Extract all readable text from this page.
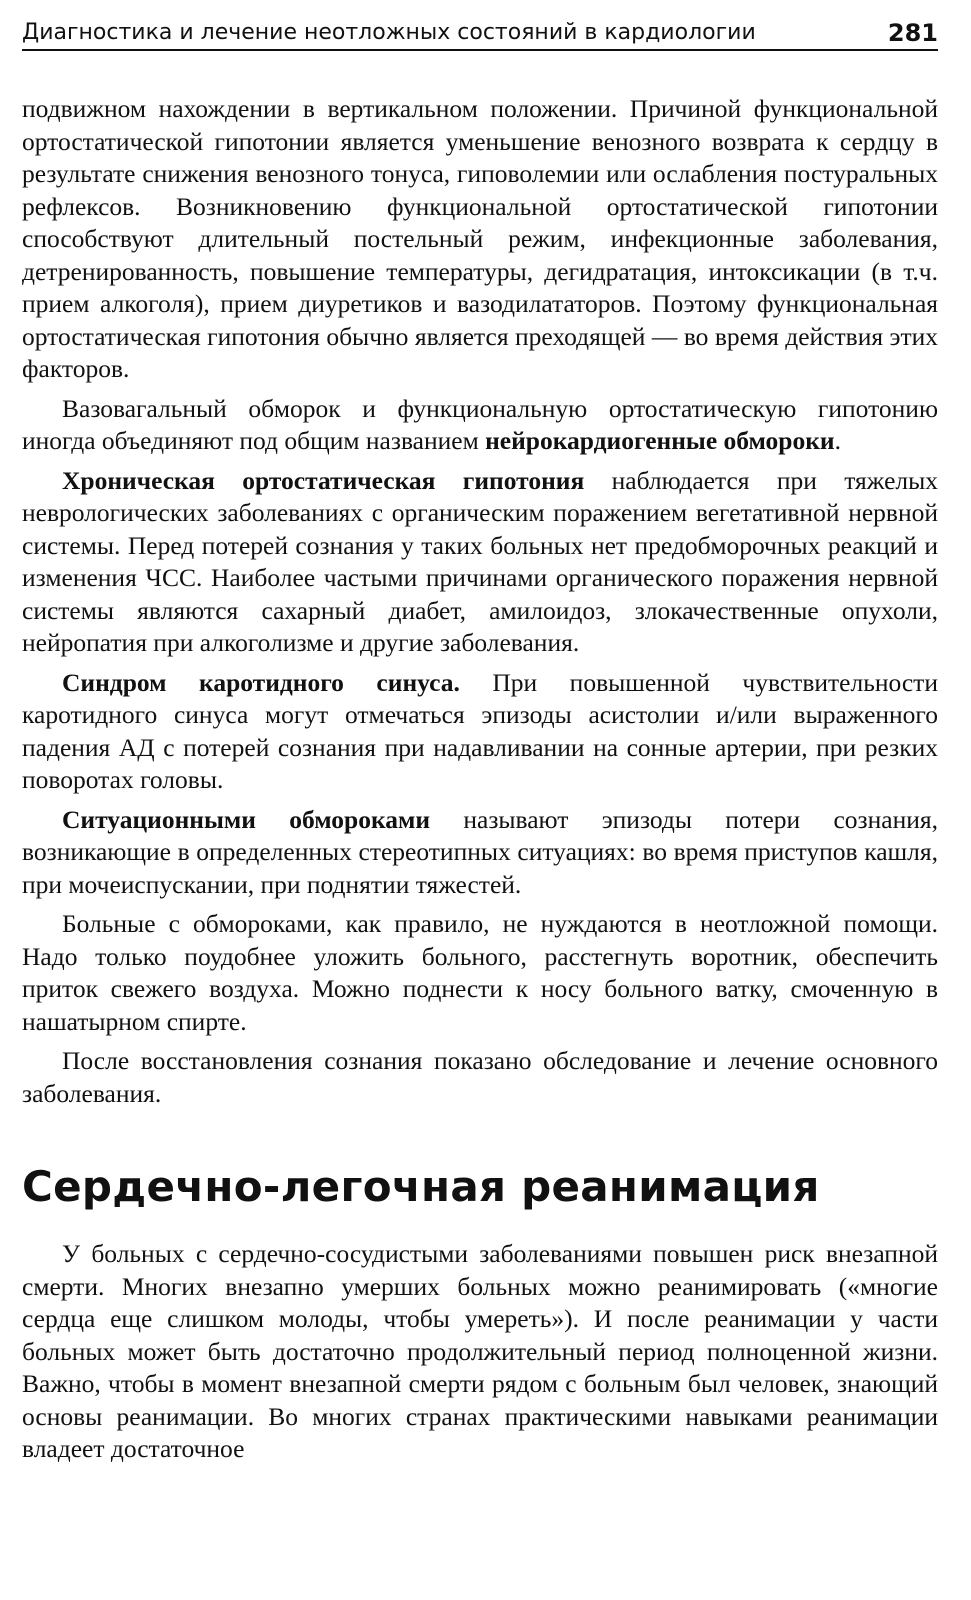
Диагностика и лечение неотложных состояний в кардиологии	281

подвижном нахождении в вертикальном положении. Причиной функциональной ортостатической гипотонии является уменьшение венозного возврата к сердцу в результате снижения венозного тонуса, гиповолемии или ослабления постуральных рефлексов. Возникновению функциональной ортостатической гипотонии способствуют длительный постельный режим, инфекционные заболевания, детренированность, повышение температуры, дегидратация, интоксикации (в т.ч. прием алкоголя), прием диуретиков и вазодилататоров. Поэтому функциональная ортостатическая гипотония обычно является преходящей — во время действия этих факторов.

Вазовагальный обморок и функциональную ортостатическую гипотонию иногда объединяют под общим названием нейрокардиогенные обмороки.

Хроническая ортостатическая гипотония наблюдается при тяжелых неврологических заболеваниях с органическим поражением вегетативной нервной системы. Перед потерей сознания у таких больных нет предобморочных реакций и изменения ЧСС. Наиболее частыми причинами органического поражения нервной системы являются сахарный диабет, амилоидоз, злокачественные опухоли, нейропатия при алкоголизме и другие заболевания.

Синдром каротидного синуса. При повышенной чувствительности каротидного синуса могут отмечаться эпизоды асистолии и/или выраженного падения АД с потерей сознания при надавливании на сонные артерии, при резких поворотах головы.

Ситуационными обмороками называют эпизоды потери сознания, возникающие в определенных стереотипных ситуациях: во время приступов кашля, при мочеиспускании, при поднятии тяжестей.

Больные с обмороками, как правило, не нуждаются в неотложной помощи. Надо только поудобнее уложить больного, расстегнуть воротник, обеспечить приток свежего воздуха. Можно поднести к носу больного ватку, смоченную в нашатырном спирте.

После восстановления сознания показано обследование и лечение основного заболевания.

Сердечно-легочная реанимация

У больных с сердечно-сосудистыми заболеваниями повышен риск внезапной смерти. Многих внезапно умерших больных можно реанимировать («многие сердца еще слишком молоды, чтобы умереть»). И после реанимации у части больных может быть достаточно продолжительный период полноценной жизни. Важно, чтобы в момент внезапной смерти рядом с больным был человек, знающий основы реанимации. Во многих странах практическими навыками реанимации владеет достаточное
